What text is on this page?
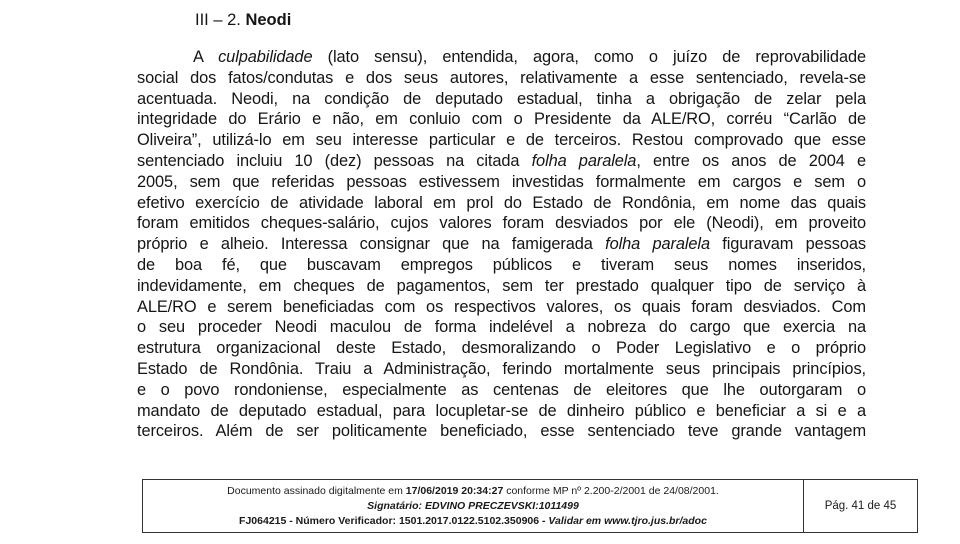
III – 2. Neodi
A culpabilidade (lato sensu), entendida, agora, como o juízo de reprovabilidade
social dos fatos/condutas e dos seus autores, relativamente a esse sentenciado, revela-se
acentuada. Neodi, na condição de deputado estadual, tinha a obrigação de zelar pela
integridade do Erário e não, em conluio com o Presidente da ALE/RO, corréu “Carlão de
Oliveira”, utilizá-lo em seu interesse particular e de terceiros. Restou comprovado que esse
sentenciado incluiu 10 (dez) pessoas na citada folha paralela, entre os anos de 2004 e
2005, sem que referidas pessoas estivessem investidas formalmente em cargos e sem o
efetivo exercício de atividade laboral em prol do Estado de Rondônia, em nome das quais
foram emitidos cheques-salário, cujos valores foram desviados por ele (Neodi), em proveito
próprio e alheio. Interessa consignar que na famigerada folha paralela figuravam pessoas
de boa fé, que buscavam empregos públicos e tiveram seus nomes inseridos,
indevidamente, em cheques de pagamentos, sem ter prestado qualquer tipo de serviço à
ALE/RO e serem beneficiadas com os respectivos valores, os quais foram desviados. Com
o seu proceder Neodi maculou de forma indelével a nobreza do cargo que exercia na
estrutura organizacional deste Estado, desmoralizando o Poder Legislativo e o próprio
Estado de Rondônia. Traiu a Administração, ferindo mortalmente seus principais princípios,
e o povo rondoniense, especialmente as centenas de eleitores que lhe outorgaram o
mandato de deputado estadual, para locupletar-se de dinheiro público e beneficiar a si e a
terceiros. Além de ser politicamente beneficiado, esse sentenciado teve grande vantagem
Documento assinado digitalmente em 17/06/2019 20:34:27 conforme MP nº 2.200-2/2001 de 24/08/2001.
Signatário: EDVINO PRECZEVSKI:1011499
FJ064215 - Número Verificador: 1501.2017.0122.5102.350906 - Validar em www.tjro.jus.br/adoc
Pág. 41 de 45
